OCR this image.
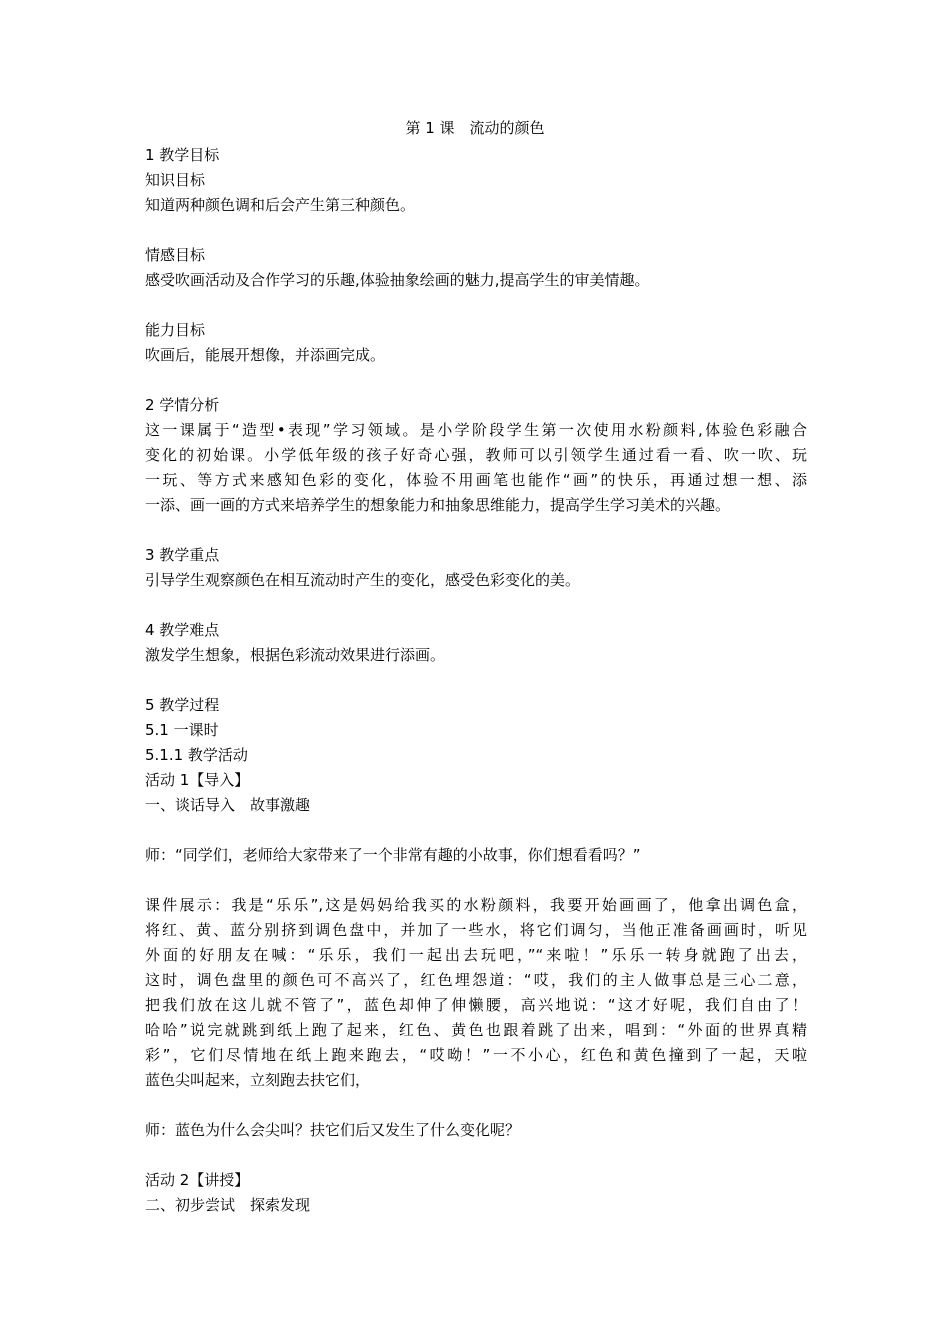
第 1 课　流动的颜色
1 教学目标
知识目标
知道两种颜色调和后会产生第三种颜色。
情感目标
感受吹画活动及合作学习的乐趣,体验抽象绘画的魅力,提高学生的审美情趣。
能力目标
吹画后，能展开想像，并添画完成。
2 学情分析
这一课属于“造型•表现”学习领域。是小学阶段学生第一次使用水粉颜料,体验色彩融合
变化的初始课。小学低年级的孩子好奇心强，教师可以引领学生通过看一看、吹一吹、玩
一玩、等方式来感知色彩的变化，体验不用画笔也能作“画”的快乐，再通过想一想、添
一添、画一画的方式来培养学生的想象能力和抽象思维能力，提高学生学习美术的兴趣。
3 教学重点
引导学生观察颜色在相互流动时产生的变化，感受色彩变化的美。
4 教学难点
激发学生想象，根据色彩流动效果进行添画。
5 教学过程
5.1 一课时
5.1.1 教学活动
活动 1【导入】
一、谈话导入　故事激趣
师：“同学们，老师给大家带来了一个非常有趣的小故事，你们想看看吗？”
课件展示：我是“乐乐”,这是妈妈给我买的水粉颜料，我要开始画画了，他拿出调色盒，
将红、黄、蓝分别挤到调色盘中，并加了一些水，将它们调匀，当他正准备画画时，听见
外面的好朋友在喊：“乐乐，我们一起出去玩吧，”“来啦！”乐乐一转身就跑了出去，
这时，调色盘里的颜色可不高兴了，红色埋怨道：“哎，我们的主人做事总是三心二意，
把我们放在这儿就不管了”，蓝色却伸了伸懒腰，高兴地说：“这才好呢，我们自由了！
哈哈”说完就跳到纸上跑了起来，红色、黄色也跟着跳了出来，唱到：“外面的世界真精
彩”，它们尽情地在纸上跑来跑去，“哎呦！”一不小心，红色和黄色撞到了一起，天啦
蓝色尖叫起来，立刻跑去扶它们，
师：蓝色为什么会尖叫？扶它们后又发生了什么变化呢？
活动 2【讲授】
二、初步尝试　探索发现
